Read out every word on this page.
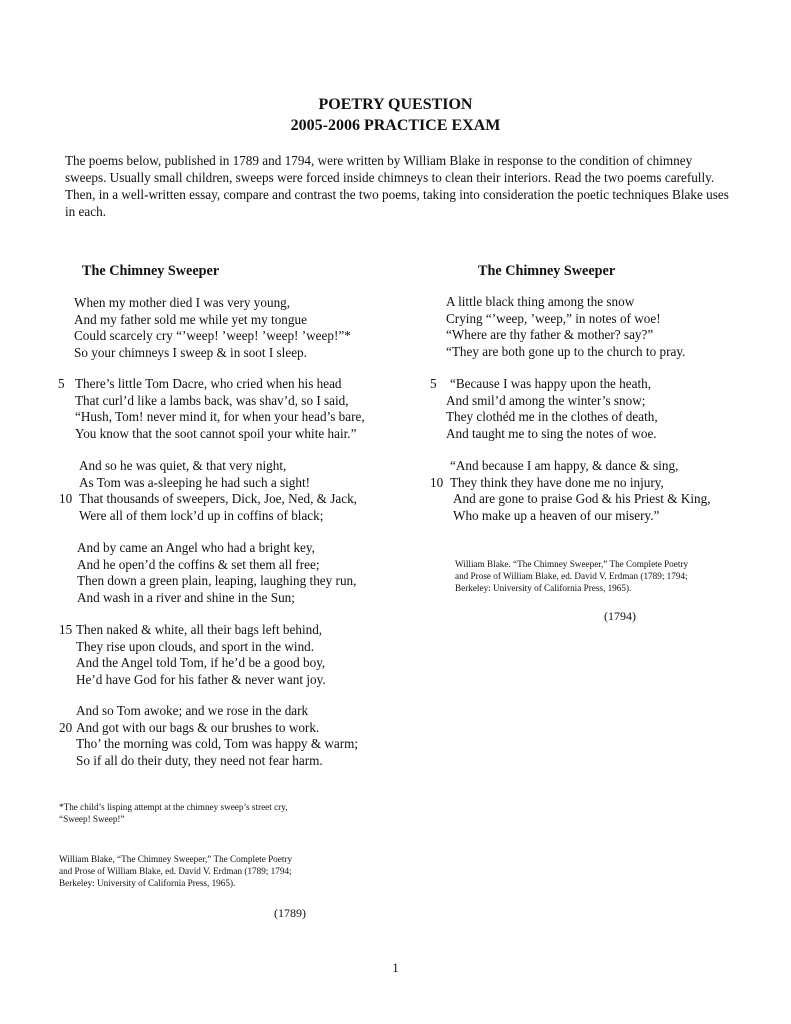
POETRY QUESTION
2005-2006 PRACTICE EXAM
The poems below, published in 1789 and 1794, were written by William Blake in response to the condition of chimney sweeps. Usually small children, sweeps were forced inside chimneys to clean their interiors. Read the two poems carefully. Then, in a well-written essay, compare and contrast the two poems, taking into consideration the poetic techniques Blake uses in each.
The Chimney Sweeper
When my mother died I was very young,
And my father sold me while yet my tongue
Could scarcely cry “’weep! ’weep! ’weep! ’weep!”*
So your chimneys I sweep & in soot I sleep.
5 There’s little Tom Dacre, who cried when his head
That curl’d like a lambs back, was shav’d, so I said,
“Hush, Tom! never mind it, for when your head’s bare,
You know that the soot cannot spoil your white hair.”
And so he was quiet, & that very night,
As Tom was a-sleeping he had such a sight!
10 That thousands of sweepers, Dick, Joe, Ned, & Jack,
Were all of them lock’d up in coffins of black;
And by came an Angel who had a bright key,
And he open’d the coffins & set them all free;
Then down a green plain, leaping, laughing they run,
And wash in a river and shine in the Sun;
15 Then naked & white, all their bags left behind,
They rise upon clouds, and sport in the wind.
And the Angel told Tom, if he’d be a good boy,
He’d have God for his father & never want joy.
And so Tom awoke; and we rose in the dark
20 And got with our bags & our brushes to work.
Tho’ the morning was cold, Tom was happy & warm;
So if all do their duty, they need not fear harm.
*The child’s lisping attempt at the chimney sweep’s street cry,
“Sweep! Sweep!”
William Blake, “The Chimney Sweeper,” The Complete Poetry
and Prose of William Blake, ed. David V. Erdman (1789; 1794;
Berkeley: University of California Press, 1965).
(1789)
The Chimney Sweeper
A little black thing among the snow
Crying “’weep, ’weep,” in notes of woe!
“Where are thy father & mother? say?”
“They are both gone up to the church to pray.
5 “Because I was happy upon the heath,
And smil’d among the winter’s snow;
They clothéd me in the clothes of death,
And taught me to sing the notes of woe.
“And because I am happy, & dance & sing,
10 They think they have done me no injury,
And are gone to praise God & his Priest & King,
Who make up a heaven of our misery.”
William Blake. “The Chimney Sweeper,” The Complete Poetry
and Prose of William Blake, ed. David V. Erdman (1789; 1794;
Berkeley: University of California Press, 1965).
(1794)
1
